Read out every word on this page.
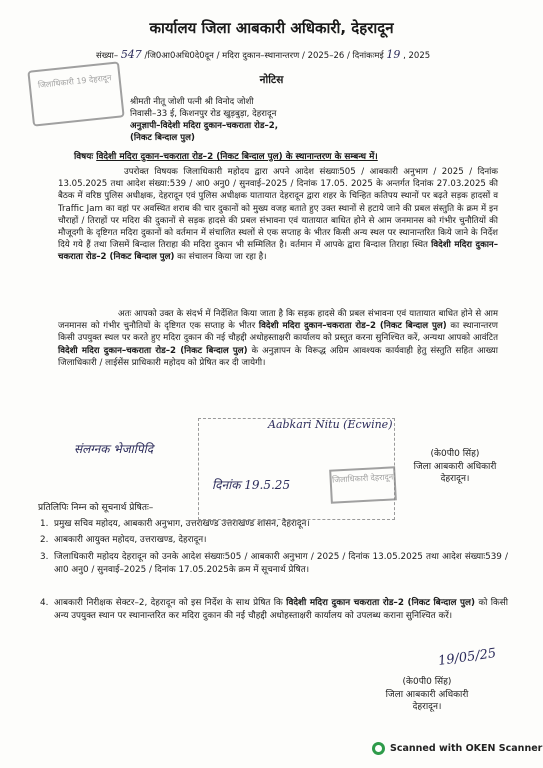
कार्यालय जिला आबकारी अधिकारी, देहरादून
संख्या– 547 /जि0आ0अधि0दे0दून / मदिरा दुकान–स्थानान्तरण / 2025–26 / दिनांकःमई 19 , 2025
जिलाधिकारी 19 देहरादून	नोटिस
श्रीमती नीतू जोशी पत्नी श्री विनोद जोशी
निवासी–33 ई, किशनपुर रोड खुड़बुड़ा, देहरादून
अनुज्ञापी–विदेशी मदिरा दुकान–चकराता रोड–2,
(निकट बिन्दाल पुल)
विषयः विदेशी मदिरा दुकान–चकराता रोड–2 (निकट बिन्दाल पुल) के स्थानान्तरण के सम्बन्ध में।
उपरोक्त विषयक जिलाधिकारी महोदय द्वारा अपने आदेश संख्याः505 / आबकारी अनुभाग / 2025 / दिनांक 13.05.2025 तथा आदेश संख्या:539 / आ0 अनु0 / सुनवाई–2025 / दिनांक 17.05. 2025 के अन्तर्गत दिनांक 27.03.2025 की बैठक में वरिष्ठ पुलिस अधीक्षक, देहरादून एवं पुलिस अधीक्षक यातायात देहरादून द्वारा शहर के चिन्हित कतिपय स्थानों पर बढ़ते सड़क हादसों व Traffic Jam का वहां पर अवस्थित शराब की चार दुकानों को मुख्य वजह बताते हुए उक्त स्थानों से हटाये जाने की प्रबल संस्तुति के क्रम में इन चौराहों / तिराहों पर मदिरा की दुकानों से सड़क हादसे की प्रबल संभावना एवं यातायात बाधित होने से आम जनमानस को गंभीर चुनौतियों की मौजूदगी के दृष्टिगत मदिरा दुकानों को वर्तमान में संचालित स्थलों से एक सप्ताह के भीतर किसी अन्य स्थल पर स्थानान्तरित किये जाने के निर्देश दिये गये हैं तथा जिसमें बिन्दाल तिराहा की मदिरा दुकान भी सम्मिलित है। वर्तमान में आपके द्वारा बिन्दाल तिराहा स्थित विदेशी मदिरा दुकान–चकराता रोड–2 (निकट बिन्दाल पुल) का संचालन किया जा रहा है।
अतः आपको उक्त के संदर्भ में निर्देशित किया जाता है कि सड़क हादसे की प्रबल संभावना एवं यातायात बाधित होने से आम जनमानस को गंभीर चुनौतियों के दृष्टिगत एक सप्ताह के भीतर विदेशी मदिरा दुकान–चकराता रोड–2 (निकट बिन्दाल पुल) का स्थानान्तरण किसी उपयुक्त स्थल पर करते हुए मदिरा दुकान की नई चौहद्दी अधोहस्ताक्षरी कार्यालय को प्रस्तुत करना सुनिश्चित करें, अन्यथा आपको आवंटित विदेशी मदिरा दुकान–चकराता रोड–2 (निकट बिन्दाल पुल) के अनुज्ञापन के विरूद्ध अग्रिम आवश्यक कार्यवाही हेतु संस्तुति सहित आख्या जिलाधिकारी / लाईसेंस प्राधिकारी महोदय को प्रेषित कर दी जायेगी।
संलग्नक भेजापिदि
Aabkari Nitu (Ecwine)
दिनांक 19.5.25	जिलाधिकारी देहरादून
(के0पी0 सिंह)
जिला आबकारी अधिकारी
देहरादून।
प्रतिलिपिः निम्न को सूचनार्थ प्रेषितः–
1. प्रमुख सचिव महोदय, आबकारी अनुभाग, उत्तराखण्ड उत्तराखण्ड शासन, देहरादून।
2. आबकारी आयुक्त महोदय, उत्तराखण्ड, देहरादून।
3. जिलाधिकारी महोदय देहरादून को उनके आदेश संख्याः505 / आबकारी अनुभाग / 2025 / दिनांक 13.05.2025 तथा आदेश संख्याः539 / आ0 अनु0 / सुनवाई–2025 / दिनांक 17.05.2025के क्रम में सूचनार्थ प्रेषित।
4. आबकारी निरीक्षक सेक्टर–2, देहरादून को इस निर्देश के साथ प्रेषित कि विदेशी मदिरा दुकान चकराता रोड–2 (निकट बिन्दाल पुल) को किसी अन्य उपयुक्त स्थान पर स्थानान्तरित कर मदिरा दुकान की नई चौहद्दी अधोहस्ताक्षरी कार्यालय को उपलब्ध कराना सुनिश्चित करें।
19/05/25
(के0पी0 सिंह)
जिला आबकारी अधिकारी
देहरादून।
Scanned with OKEN Scanner
